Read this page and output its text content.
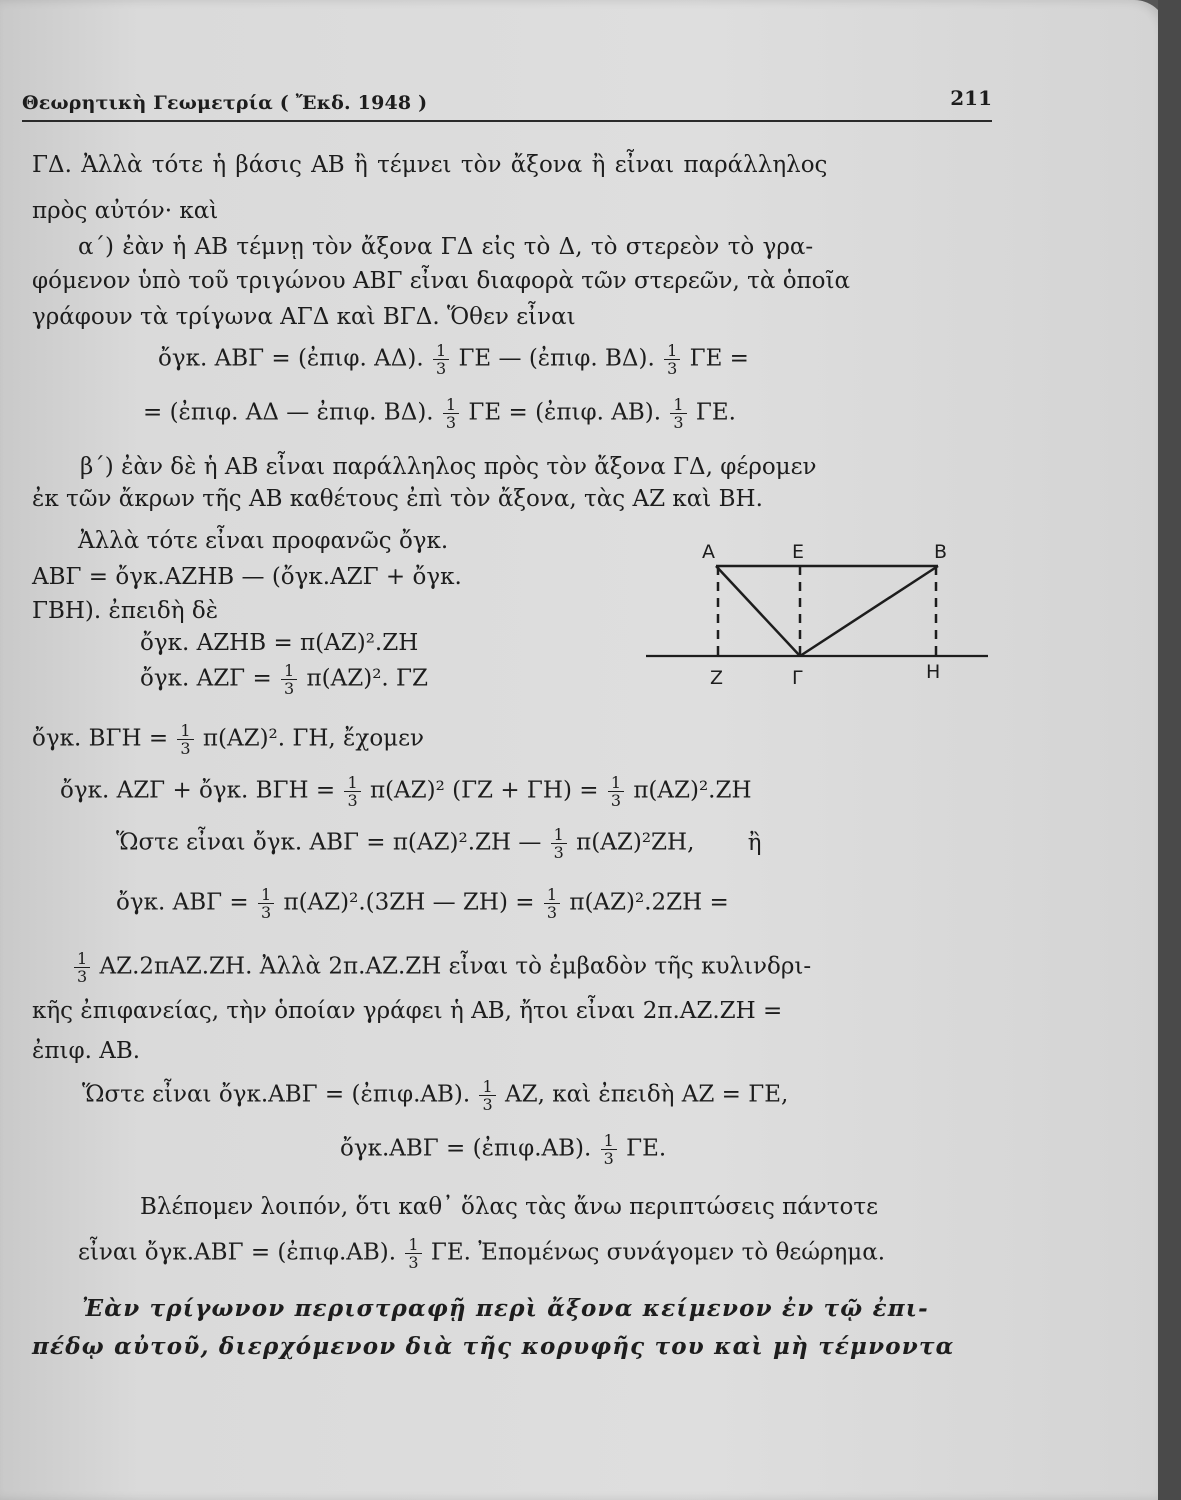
Θεωρητικὴ Γεωμετρία ( Ἔκδ. 1948 )	211
ΓΔ. Ἀλλὰ τότε ἡ βάσις ΑΒ ἢ τέμνει τὸν ἄξονα ἢ εἶναι παράλληλος
πρὸς αὐτόν· καὶ
α΄) ἐὰν ἡ ΑΒ τέμνῃ τὸν ἄξονα ΓΔ εἰς τὸ Δ, τὸ στερεὸν τὸ γρα-
φόμενον ὑπὸ τοῦ τριγώνου ΑΒΓ εἶναι διαφορὰ τῶν στερεῶν, τὰ ὁποῖα
γράφουν τὰ τρίγωνα ΑΓΔ καὶ ΒΓΔ. Ὅθεν εἶναι
ὄγκ. ΑΒΓ = (ἐπιφ. ΑΔ). $\frac{1}{3}$ ΓΕ — (ἐπιφ. ΒΔ). $\frac{1}{3}$ ΓΕ =
= (ἐπιφ. ΑΔ — ἐπιφ. ΒΔ). $\frac{1}{3}$ ΓΕ = (ἐπιφ. ΑΒ). $\frac{1}{3} \Gamma E$.
β΄) ἐὰν δὲ ἡ ΑΒ εἶναι παράλληλος πρὸς τὸν ἄξονα ΓΔ, φέρομεν
ἐκ τῶν ἄκρων τῆς ΑΒ καθέτους ἐπὶ τὸν ἄξονα, τὰς ΑΖ καὶ ΒΗ.
Ἀλλὰ τότε εἶναι προφανῶς ὄγκ.
ΑΒΓ = ὄγκ.ΑΖΗΒ — (ὄγκ.ΑΖΓ + ὄγκ.
ΓΒΗ). ἐπειδὴ δὲ
ὄγκ. ΑΖΗΒ = π(ΑΖ)².ΖΗ
ὄγκ. $AZ\Gamma = \frac{1}{3} \pi(AZ)^2$. ΓΖ
ὄγκ. $B\Gamma H = \frac{1}{3} \pi(AZ)^2$. ΓΗ, ἔχομεν
ὄγκ. ΑΖΓ + ὄγκ. $B\Gamma H = \frac{1}{3} \pi(AZ)^2$ $(\Gamma Z + \Gamma H) = \frac{1}{3} \pi(AZ)^2.ZH$
Ὥστε εἶναι ὄγκ. ΑΒΓ = π(ΑΖ)².ΖΗ — $\frac{1}{3} \pi(AZ)^2ZH$, ἢ
ὄγκ. $AB\Gamma = \frac{1}{3} \pi(AZ)^2.(3ZH$ — $ZH) = \frac{1}{3} \pi(AZ)^2.2ZH$ =
$\frac{1}{3} AZ.2\pi AZ.ZH$. Ἀλλὰ 2π.ΑΖ.ΖΗ εἶναι τὸ ἐμβαδὸν τῆς κυλινδρι-
κῆς ἐπιφανείας, τὴν ὁποίαν γράφει ἡ ΑΒ, ἤτοι εἶναι 2π.ΑΖ.ΖΗ =
ἐπιφ. ΑΒ.
Ὥστε εἶναι ὄγκ.ΑΒΓ = (ἐπιφ.ΑΒ). $\frac{1}{3} AZ$, καὶ ἐπειδὴ ΑΖ = ΓΕ,
ὄγκ.ΑΒΓ = (ἐπιφ.ΑΒ). $\frac{1}{3} \Gamma E$.
Βλέπομεν λοιπόν, ὅτι καθ᾽ ὅλας τὰς ἄνω περιπτώσεις πάντοτε
εἶναι ὄγκ.ΑΒΓ = (ἐπιφ.ΑΒ). $\frac{1}{3} \Gamma E$. Ἐπομένως συνάγομεν τὸ θεώρημα.
Ἐὰν τρίγωνον περιστραφῇ περὶ ἄξονα κείμενον ἐν τῷ ἐπι-
πέδῳ αὐτοῦ, διερχόμενον διὰ τῆς κορυφῆς του καὶ μὴ τέμνοντα
A	E	B
Z	Γ	H
